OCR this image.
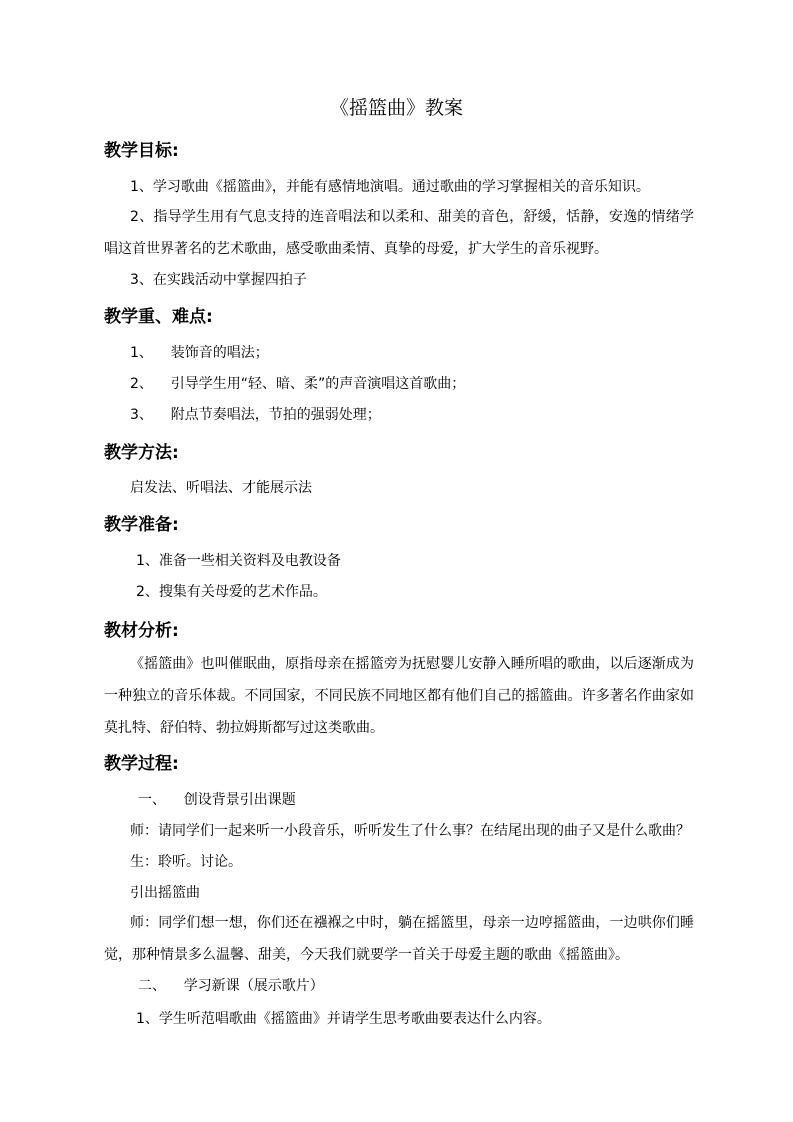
《摇篮曲》教案
教学目标:

1、学习歌曲《摇篮曲》，并能有感情地演唱。通过歌曲的学习掌握相关的音乐知识。

2、指导学生用有气息支持的连音唱法和以柔和、甜美的音色，舒缓，恬静，安逸的情绪学唱这首世界著名的艺术歌曲，感受歌曲柔情、真挚的母爱，扩大学生的音乐视野。

3、在实践活动中掌握四拍子

教学重、难点:

1、    装饰音的唱法；

2、    引导学生用“轻、暗、柔”的声音演唱这首歌曲；

3、    附点节奏唱法，节拍的强弱处理；

教学方法:

启发法、听唱法、才能展示法

教学准备:

1、准备一些相关资料及电教设备

2、搜集有关母爱的艺术作品。

教材分析:

《摇篮曲》也叫催眠曲，原指母亲在摇篮旁为抚慰婴儿安静入睡所唱的歌曲，以后逐渐成为一种独立的音乐体裁。不同国家，不同民族不同地区都有他们自己的摇篮曲。许多著名作曲家如莫扎特、舒伯特、勃拉姆斯都写过这类歌曲。

教学过程:

一、    创设背景引出课题

师：请同学们一起来听一小段音乐，听听发生了什么事？在结尾出现的曲子又是什么歌曲？

生：聆听。讨论。

引出摇篮曲

师：同学们想一想，你们还在襁褓之中时，躺在摇篮里，母亲一边哼摇篮曲，一边哄你们睡觉，那种情景多么温馨、甜美，今天我们就要学一首关于母爱主题的歌曲《摇篮曲》。

二、    学习新课（展示歌片）

1、学生听范唱歌曲《摇篮曲》并请学生思考歌曲要表达什么内容。
